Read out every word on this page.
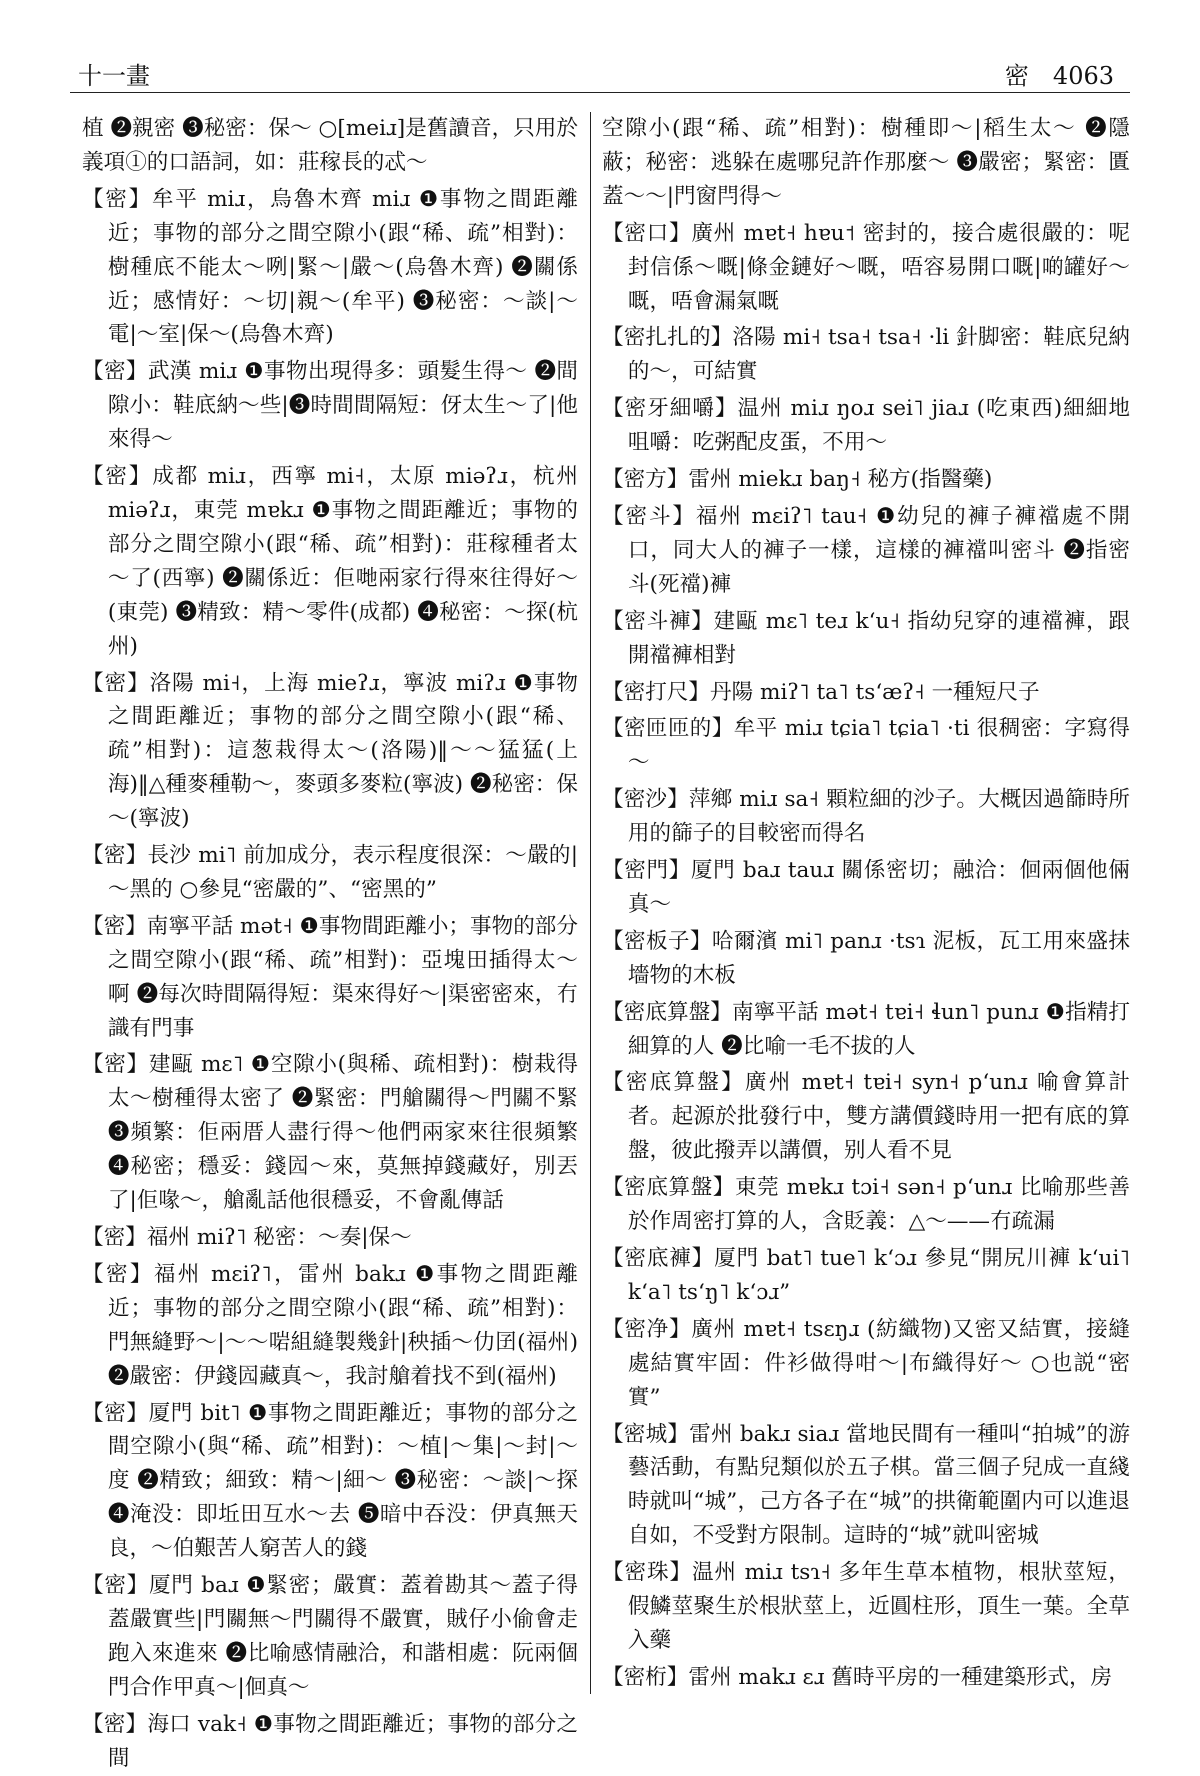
十一畫	密 4063

植 ❷親密 ❸秘密：保～ ○[meiɹ]是舊讀音，只用於義項①的口語詞，如：莊稼長的忒～

【密】牟平 miɹ，烏魯木齊 miɹ ❶事物之間距離近；事物的部分之間空隙小(跟“稀、疏”相對)：樹種底不能太～咧|緊～|嚴～(烏魯木齊) ❷關係近；感情好：～切|親～(牟平) ❸秘密：～談|～電|～室|保～(烏魯木齊)

【密】武漢 miɹ ❶事物出現得多：頭髮生得～ ❷間隙小：鞋底納～些|❸時間間隔短：伢太生～了|他來得～

【密】成都 miɹ，西寧 mi˧，太原 miəʔɹ，杭州 miəʔɹ，東莞 mɐkɹ ❶事物之間距離近；事物的部分之間空隙小(跟“稀、疏”相對)：莊稼種者太～了(西寧) ❷關係近：佢哋兩家行得來往得好～(東莞) ❸精致：精～零件(成都) ❹秘密：～探(杭州)

【密】洛陽 mi˧，上海 mieʔɹ，寧波 miʔɹ ❶事物之間距離近；事物的部分之間空隙小(跟“稀、疏”相對)：這葱栽得太～(洛陽)‖～～猛猛(上海)‖△種麥種勒～，麥頭多麥粒(寧波) ❷秘密：保～(寧波)

【密】長沙 mi˥ 前加成分，表示程度很深：～嚴的|～黑的 ○參見“密嚴的”、“密黑的”

【密】南寧平話 mət˧ ❶事物間距離小；事物的部分之間空隙小(跟“稀、疏”相對)：亞塊田插得太～啊 ❷每次時間隔得短：渠來得好～|渠密密來，冇識有門事

【密】建甌 mɛ˥ ❶空隙小(與稀、疏相對)：樹栽得太～樹種得太密了 ❷緊密：門艙關得～門關不緊 ❸頻繁：佢兩厝人盡行得～他們兩家來往很頻繁 ❹秘密；穩妥：錢囥～來，莫無掉錢藏好，別丟了|佢喙～，艙亂話他很穩妥，不會亂傳話

【密】福州 miʔ˥ 秘密：～奏|保～

【密】福州 mɛiʔ˥，雷州 bakɹ ❶事物之間距離近；事物的部分之間空隙小(跟“稀、疏”相對)：門無縫野～|～～啱組縫製幾針|秧插～仂囝(福州) ❷嚴密：伊錢囥藏真～，我討艙着找不到(福州)

【密】厦門 bit˥ ❶事物之間距離近；事物的部分之間空隙小(與“稀、疏”相對)：～植|～集|～封|～度 ❷精致；細致：精～|細～ ❸秘密：～談|～探 ❹淹没：即坵田互水～去 ❺暗中吞没：伊真無天良，～伯艱苦人窮苦人的錢

【密】厦門 baɹ ❶緊密；嚴實：蓋着勘其～蓋子得蓋嚴實些|門關無～門關得不嚴實，賊仔小偷會走跑入來進來 ❷比喻感情融洽，和諧相處：阮兩個門合作甲真～|佪真～

【密】海口 vak˧ ❶事物之間距離近；事物的部分之間

空隙小(跟“稀、疏”相對)：樹種即～|稻生太～ ❷隱蔽；秘密：逃躲在處哪兒許作那麼～ ❸嚴密；緊密：匱蓋～～|門窗閂得～

【密口】廣州 mɐt˧ hɐu˦ 密封的，接合處很嚴的：呢封信係～嘅|條金鏈好～嘅，唔容易開口嘅|啲罐好～嘅，唔會漏氣嘅

【密扎扎的】洛陽 mi˧ tsa˧ tsa˧ ·li 針脚密：鞋底兒納的～，可結實

【密牙細嚼】温州 miɹ ŋoɹ sei˥ jiaɹ (吃東西)細細地咀嚼：吃粥配皮蛋，不用～

【密方】雷州 miekɹ baŋ˧ 秘方(指醫藥)

【密斗】福州 mɛiʔ˥ tau˧ ❶幼兒的褲子褲襠處不開口，同大人的褲子一樣，這樣的褲襠叫密斗 ❷指密斗(死襠)褲

【密斗褲】建甌 mɛ˥ teɹ kʻu˧ 指幼兒穿的連襠褲，跟開襠褲相對

【密打尺】丹陽 miʔ˥ ta˥ tsʻæʔ˧ 一種短尺子

【密匝匝的】牟平 miɹ tɕia˥ tɕia˥ ·ti 很稠密：字寫得～

【密沙】萍鄉 miɹ sa˧ 顆粒細的沙子。大概因過篩時所用的篩子的目較密而得名

【密門】厦門 baɹ tauɹ 關係密切；融洽：佪兩個他倆真～

【密板子】哈爾濱 mi˥ panɹ ·tsɿ 泥板，瓦工用來盛抹墻物的木板

【密底算盤】南寧平話 mət˧ tɐi˧ ɬun˥ punɹ ❶指精打細算的人 ❷比喻一毛不拔的人

【密底算盤】廣州 mɐt˧ tɐi˧ syn˧ pʻunɹ 喻會算計者。起源於批發行中，雙方講價錢時用一把有底的算盤，彼此撥弄以講價，别人看不見

【密底算盤】東莞 mɐkɹ tɔi˧ sən˧ pʻunɹ 比喻那些善於作周密打算的人，含貶義：△～——冇疏漏

【密底褲】厦門 bat˥ tue˥ kʻɔɹ 參見“開尻川褲 kʻui˥ kʻa˥ tsʻŋ˥ kʻɔɹ”

【密净】廣州 mɐt˧ tsɛŋɹ (紡織物)又密又結實，接縫處結實牢固：件衫做得咁～|布織得好～ ○也説“密實”

【密城】雷州 bakɹ siaɹ 當地民間有一種叫“拍城”的游藝活動，有點兒類似於五子棋。當三個子兒成一直綫時就叫“城”，己方各子在“城”的拱衛範圍内可以進退自如，不受對方限制。這時的“城”就叫密城

【密珠】温州 miɹ tsɿ˧ 多年生草本植物，根狀莖短，假鱗莖聚生於根狀莖上，近圓柱形，頂生一葉。全草入藥

【密桁】雷州 makɹ ɛɹ 舊時平房的一種建築形式，房
